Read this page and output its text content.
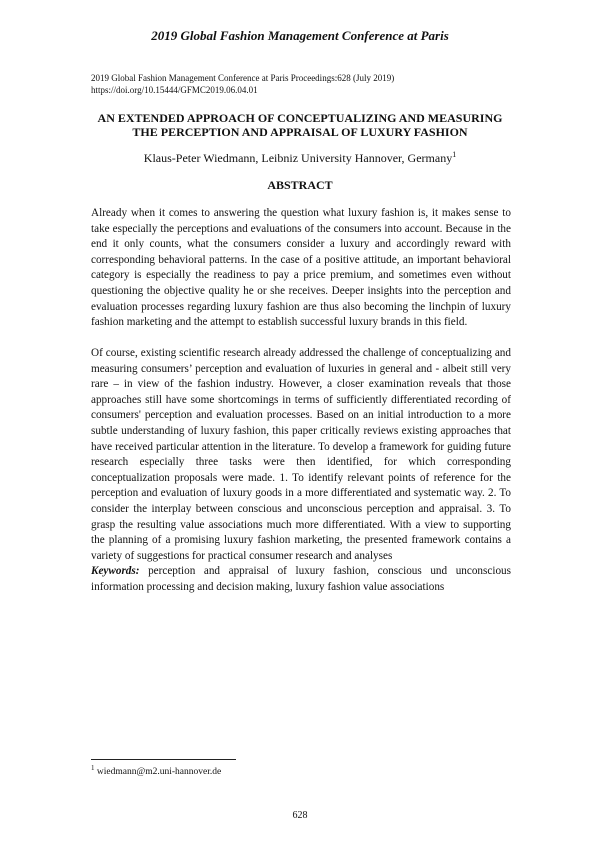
2019 Global Fashion Management Conference at Paris
2019 Global Fashion Management Conference at Paris Proceedings:628 (July 2019)
https://doi.org/10.15444/GFMC2019.06.04.01
AN EXTENDED APPROACH OF CONCEPTUALIZING AND MEASURING
THE PERCEPTION AND APPRAISAL OF LUXURY FASHION
Klaus-Peter Wiedmann, Leibniz University Hannover, Germany$^1$
ABSTRACT

Already when it comes to answering the question what luxury fashion is, it makes sense to take especially the perceptions and evaluations of the consumers into account. Because in the end it only counts, what the consumers consider a luxury and accordingly reward with corresponding behavioral patterns. In the case of a positive attitude, an important behavioral category is especially the readiness to pay a price premium, and sometimes even without questioning the objective quality he or she receives. Deeper insights into the perception and evaluation processes regarding luxury fashion are thus also becoming the linchpin of luxury fashion marketing and the attempt to establish successful luxury brands in this field.

Of course, existing scientific research already addressed the challenge of conceptualizing and measuring consumers’ perception and evaluation of luxuries in general and - albeit still very rare – in view of the fashion industry. However, a closer examination reveals that those approaches still have some shortcomings in terms of sufficiently differentiated recording of consumers' perception and evaluation processes. Based on an initial introduction to a more subtle understanding of luxury fashion, this paper critically reviews existing approaches that have received particular attention in the literature. To develop a framework for guiding future research especially three tasks were then identified, for which corresponding conceptualization proposals were made. 1. To identify relevant points of reference for the perception and evaluation of luxury goods in a more differentiated and systematic way. 2. To consider the interplay between conscious and unconscious perception and appraisal. 3. To grasp the resulting value associations much more differentiated. With a view to supporting the planning of a promising luxury fashion marketing, the presented framework contains a variety of suggestions for practical consumer research and analyses

Keywords: perception and appraisal of luxury fashion, conscious und unconscious information processing and decision making, luxury fashion value associations

$^1$ wiedmann@m2.uni-hannover.de
628
